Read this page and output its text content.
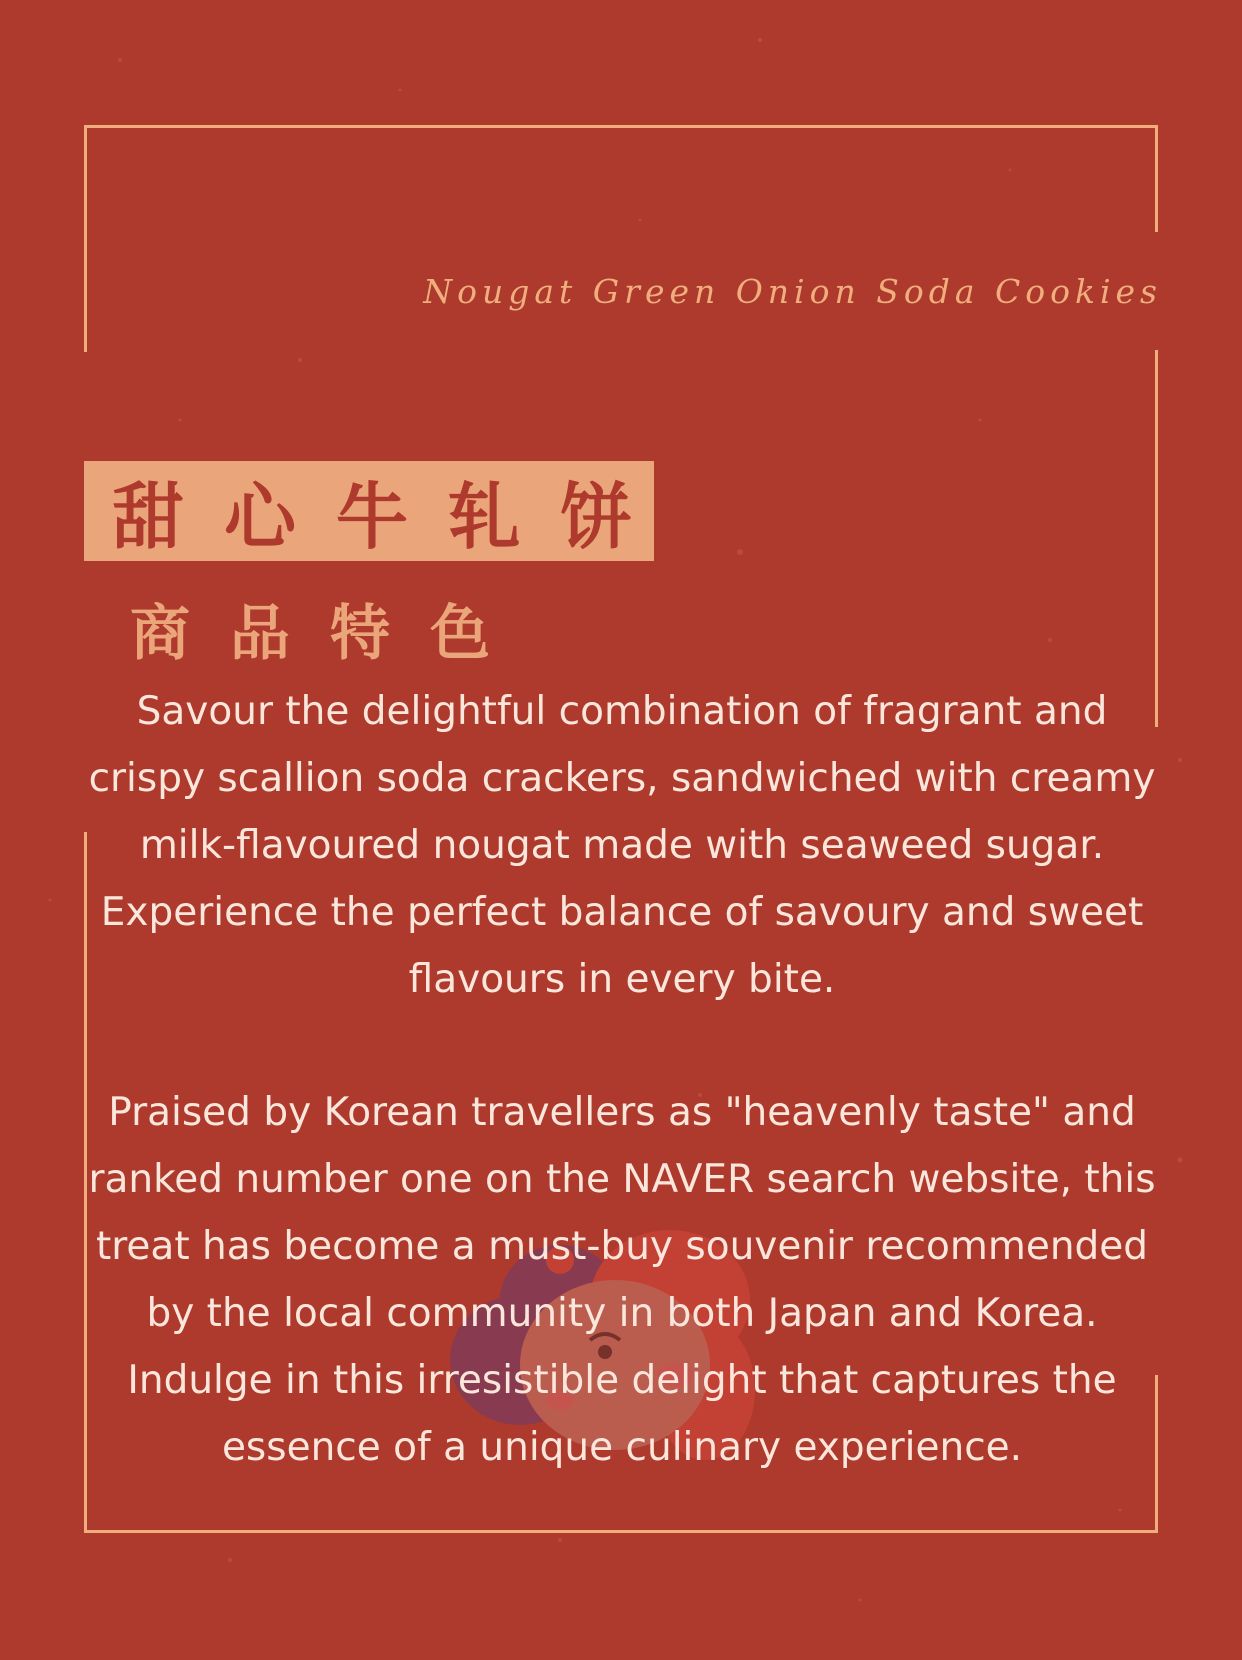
Nougat Green Onion Soda Cookies
甜心牛轧饼
商品特色

Savour the delightful combination of fragrant and crispy scallion soda crackers, sandwiched with creamy milk-flavoured nougat made with seaweed sugar. Experience the perfect balance of savoury and sweet flavours in every bite.

Praised by Korean travellers as "heavenly taste" and ranked number one on the NAVER search website, this treat has become a must-buy souvenir recommended by the local community in both Japan and Korea. Indulge in this irresistible delight that captures the essence of a unique culinary experience.
